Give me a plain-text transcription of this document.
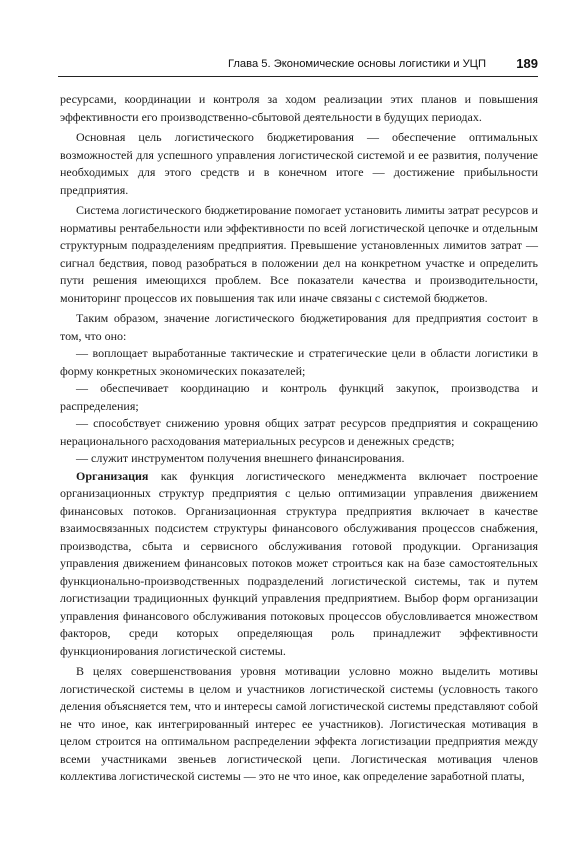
Глава 5. Экономические основы логистики и УЦП 189

ресурсами, координации и контроля за ходом реализации этих планов и повышения эффективности его производственно-сбытовой деятельности в будущих периодах.

Основная цель логистического бюджетирования — обеспечение оптимальных возможностей для успешного управления логистической системой и ее развития, получение необходимых для этого средств и в конечном итоге — достижение прибыльности предприятия.

Система логистического бюджетирование помогает установить лимиты затрат ресурсов и нормативы рентабельности или эффективности по всей логистической цепочке и отдельным структурным подразделениям предприятия. Превышение установленных лимитов затрат — сигнал бедствия, повод разобраться в положении дел на конкретном участке и определить пути решения имеющихся проблем. Все показатели качества и производительности, мониторинг процессов их повышения так или иначе связаны с системой бюджетов.

Таким образом, значение логистического бюджетирования для предприятия состоит в том, что оно:

— воплощает выработанные тактические и стратегические цели в области логистики в форму конкретных экономических показателей;

— обеспечивает координацию и контроль функций закупок, производства и распределения;

— способствует снижению уровня общих затрат ресурсов предприятия и сокращению нерационального расходования материальных ресурсов и денежных средств;

— служит инструментом получения внешнего финансирования.

Организация как функция логистического менеджмента включает построение организационных структур предприятия с целью оптимизации управления движением финансовых потоков. Организационная структура предприятия включает в качестве взаимосвязанных подсистем структуры финансового обслуживания процессов снабжения, производства, сбыта и сервисного обслуживания готовой продукции. Организация управления движением финансовых потоков может строиться как на базе самостоятельных функционально-производственных подразделений логистической системы, так и путем логистизации традиционных функций управления предприятием. Выбор форм организации управления финансового обслуживания потоковых процессов обусловливается множеством факторов, среди которых определяющая роль принадлежит эффективности функционирования логистической системы.

В целях совершенствования уровня мотивации условно можно выделить мотивы логистической системы в целом и участников логистической системы (условность такого деления объясняется тем, что и интересы самой логистической системы представляют собой не что иное, как интегрированный интерес ее участников). Логистическая мотивация в целом строится на оптимальном распределении эффекта логистизации предприятия между всеми участниками звеньев логистической цепи. Логистическая мотивация членов коллектива логистической системы — это не что иное, как определение заработной платы,
